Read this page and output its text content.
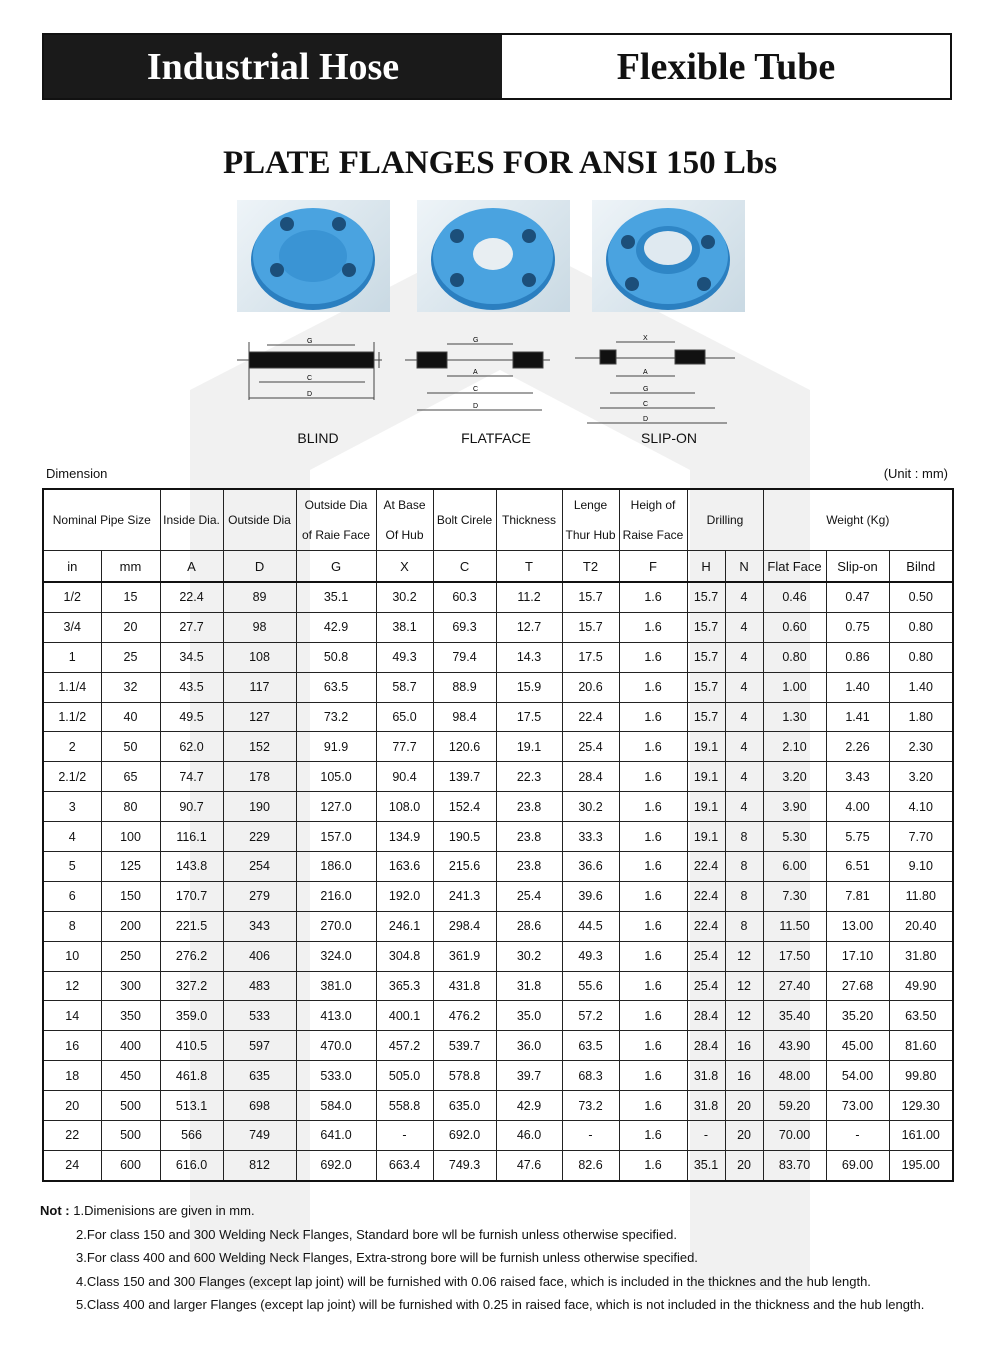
Industrial Hose	Flexible Tube
PLATE FLANGES FOR ANSI 150 Lbs
G
C
D
G
A
C
D
X
A
G
C
D
BLIND	FLATFACE	SLIP-ON
Dimension	(Unit : mm)
Nominal Pipe Size		Inside Dia.	Outside Dia	Outside Dia
of Raie Face	At Base
Of Hub	Bolt Cirele	Thickness	Lenge
Thur Hub	Heigh of
Raise Face	Drilling		Weight (Kg)		
in	mm	A	D	G	X	C	T	T2	F	H	N	Flat Face	Slip-on	Bilnd
1/2	15	22.4	89	35.1	30.2	60.3	11.2	15.7	1.6	15.7	4	0.46	0.47	0.50
3/4	20	27.7	98	42.9	38.1	69.3	12.7	15.7	1.6	15.7	4	0.60	0.75	0.80
1	25	34.5	108	50.8	49.3	79.4	14.3	17.5	1.6	15.7	4	0.80	0.86	0.80
1.1/4	32	43.5	117	63.5	58.7	88.9	15.9	20.6	1.6	15.7	4	1.00	1.40	1.40
1.1/2	40	49.5	127	73.2	65.0	98.4	17.5	22.4	1.6	15.7	4	1.30	1.41	1.80
2	50	62.0	152	91.9	77.7	120.6	19.1	25.4	1.6	19.1	4	2.10	2.26	2.30
2.1/2	65	74.7	178	105.0	90.4	139.7	22.3	28.4	1.6	19.1	4	3.20	3.43	3.20
3	80	90.7	190	127.0	108.0	152.4	23.8	30.2	1.6	19.1	4	3.90	4.00	4.10
4	100	116.1	229	157.0	134.9	190.5	23.8	33.3	1.6	19.1	8	5.30	5.75	7.70
5	125	143.8	254	186.0	163.6	215.6	23.8	36.6	1.6	22.4	8	6.00	6.51	9.10
6	150	170.7	279	216.0	192.0	241.3	25.4	39.6	1.6	22.4	8	7.30	7.81	11.80
8	200	221.5	343	270.0	246.1	298.4	28.6	44.5	1.6	22.4	8	11.50	13.00	20.40
10	250	276.2	406	324.0	304.8	361.9	30.2	49.3	1.6	25.4	12	17.50	17.10	31.80
12	300	327.2	483	381.0	365.3	431.8	31.8	55.6	1.6	25.4	12	27.40	27.68	49.90
14	350	359.0	533	413.0	400.1	476.2	35.0	57.2	1.6	28.4	12	35.40	35.20	63.50
16	400	410.5	597	470.0	457.2	539.7	36.0	63.5	1.6	28.4	16	43.90	45.00	81.60
18	450	461.8	635	533.0	505.0	578.8	39.7	68.3	1.6	31.8	16	48.00	54.00	99.80
20	500	513.1	698	584.0	558.8	635.0	42.9	73.2	1.6	31.8	20	59.20	73.00	129.30
22	500	566	749	641.0	-	692.0	46.0	-	1.6	-	20	70.00	-	161.00
24	600	616.0	812	692.0	663.4	749.3	47.6	82.6	1.6	35.1	20	83.70	69.00	195.00
Not : 1.Dimenisions are given in mm.
2.For class 150 and 300 Welding Neck Flanges, Standard bore wll be furnish unless otherwise specified.
3.For class 400 and 600 Welding Neck Flanges, Extra-strong bore will be furnish unless otherwise specified.
4.Class 150 and 300 Flanges (except lap joint) will be furnished with 0.06 raised face, which is included in the thicknes and the hub length.
5.Class 400 and larger Flanges (except lap joint) will be furnished with 0.25 in raised face, which is not included in the thickness and the hub length.
